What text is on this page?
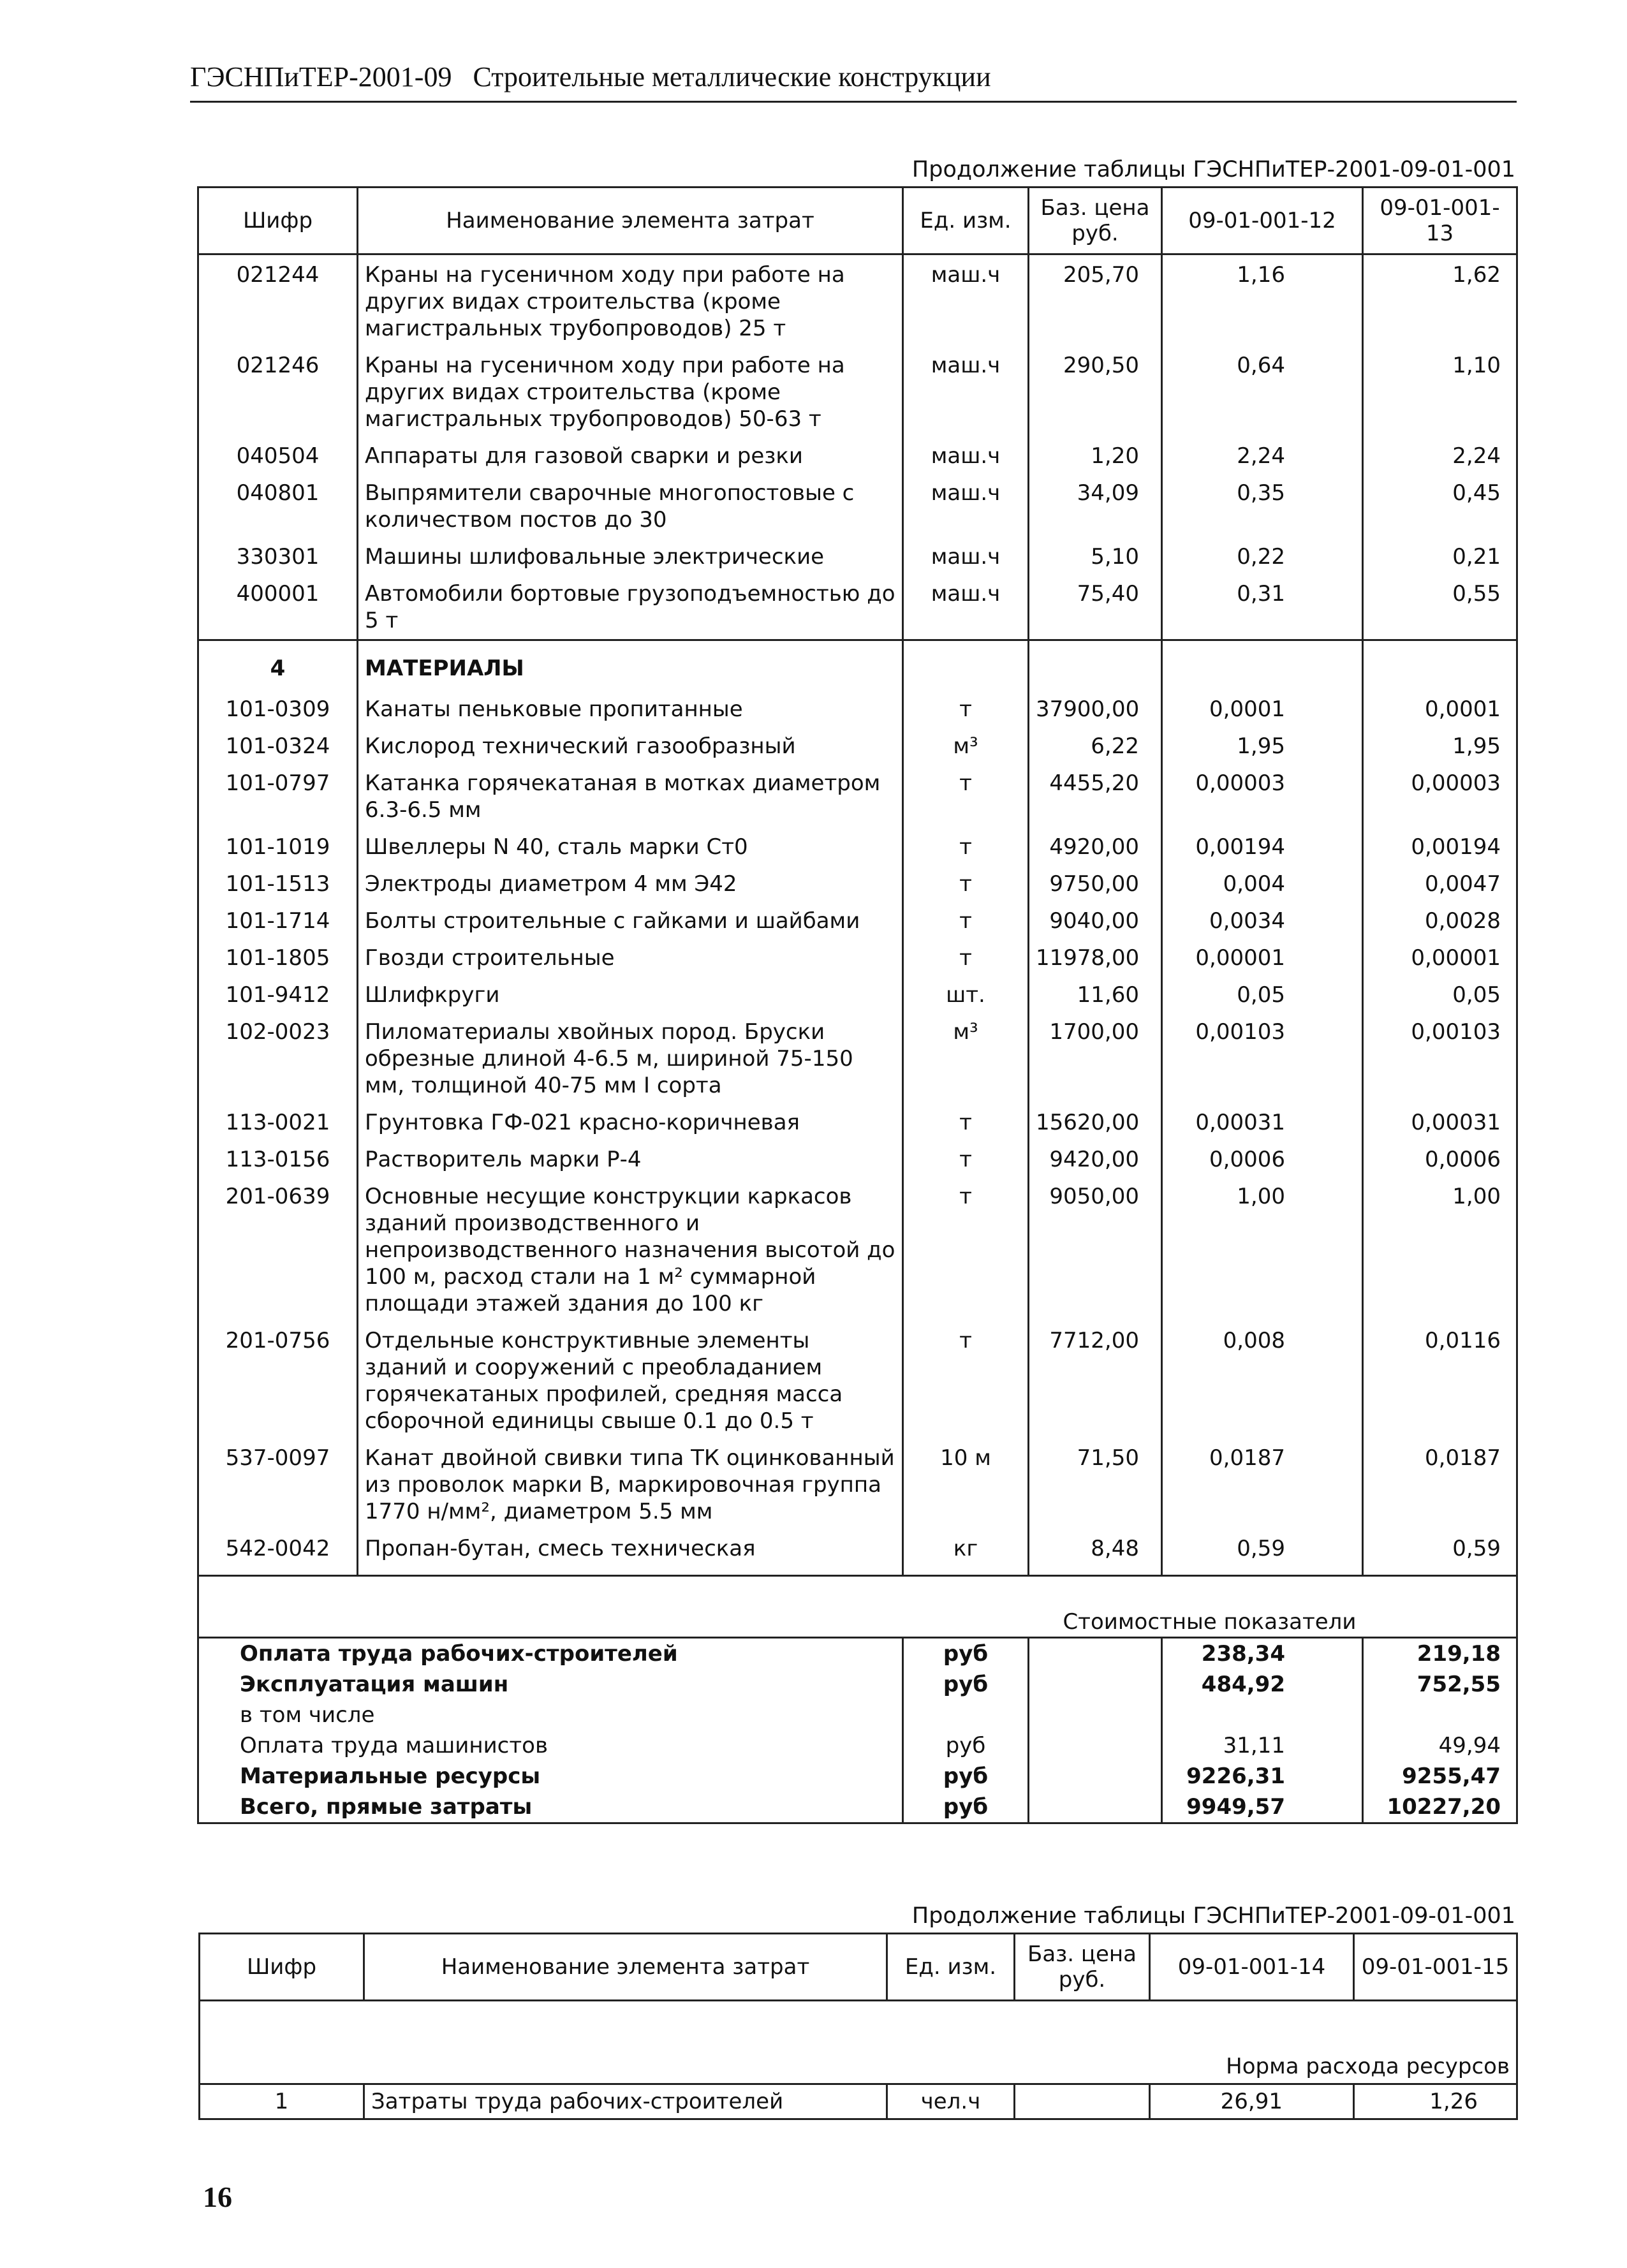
ГЭСНПиТЕР-2001-09 Строительные металлические конструкции
Продолжение таблицы ГЭСНПиТЕР-2001-09-01-001
Шифр	Наименование элемента затрат	Ед. изм.	Баз. цена руб.	09-01-001-12	09-01-001-13
021244	Краны на гусеничном ходу при работе на других видах строительства (кроме магистральных трубопроводов) 25 т	маш.ч	205,70	1,16	1,62
021246	Краны на гусеничном ходу при работе на других видах строительства (кроме магистральных трубопроводов) 50-63 т	маш.ч	290,50	0,64	1,10
040504	Аппараты для газовой сварки и резки	маш.ч	1,20	2,24	2,24
040801	Выпрямители сварочные многопостовые с количеством постов до 30	маш.ч	34,09	0,35	0,45
330301	Машины шлифовальные электрические	маш.ч	5,10	0,22	0,21
400001	Автомобили бортовые грузоподъемностью до 5 т	маш.ч	75,40	0,31	0,55
4	МАТЕРИАЛЫ				
101-0309	Канаты пеньковые пропитанные	т	37900,00	0,0001	0,0001
101-0324	Кислород технический газообразный	м³	6,22	1,95	1,95
101-0797	Катанка горячекатаная в мотках диаметром 6.3-6.5 мм	т	4455,20	0,00003	0,00003
101-1019	Швеллеры N 40, сталь марки Ст0	т	4920,00	0,00194	0,00194
101-1513	Электроды диаметром 4 мм Э42	т	9750,00	0,004	0,0047
101-1714	Болты строительные с гайками и шайбами	т	9040,00	0,0034	0,0028
101-1805	Гвозди строительные	т	11978,00	0,00001	0,00001
101-9412	Шлифкруги	шт.	11,60	0,05	0,05
102-0023	Пиломатериалы хвойных пород. Бруски обрезные длиной 4-6.5 м, шириной 75-150 мм, толщиной 40-75 мм I сорта	м³	1700,00	0,00103	0,00103
113-0021	Грунтовка ГФ-021 красно-коричневая	т	15620,00	0,00031	0,00031
113-0156	Растворитель марки Р-4	т	9420,00	0,0006	0,0006
201-0639	Основные несущие конструкции каркасов зданий производственного и непроизводственного назначения высотой до 100 м, расход стали на 1 м² суммарной площади этажей здания до 100 кг	т	9050,00	1,00	1,00
201-0756	Отдельные конструктивные элементы зданий и сооружений с преобладанием горячекатаных профилей, средняя масса сборочной единицы свыше 0.1 до 0.5 т	т	7712,00	0,008	0,0116
537-0097	Канат двойной свивки типа ТК оцинкованный из проволок марки В, маркировочная группа 1770 н/мм², диаметром 5.5 мм	10 м	71,50	0,0187	0,0187
542-0042	Пропан-бутан, смесь техническая	кг	8,48	0,59	0,59
Стоимостные показатели					
Оплата труда рабочих-строителей		руб		238,34	219,18
Эксплуатация машин		руб		484,92	752,55
в том числе					
Оплата труда машинистов		руб		31,11	49,94
Материальные ресурсы		руб		9226,31	9255,47
Всего, прямые затраты		руб		9949,57	10227,20
Продолжение таблицы ГЭСНПиТЕР-2001-09-01-001
Шифр	Наименование элемента затрат	Ед. изм.	Баз. цена руб.	09-01-001-14	09-01-001-15
Норма расхода ресурсов					
1	Затраты труда рабочих-строителей	чел.ч		26,91	1,26
16
